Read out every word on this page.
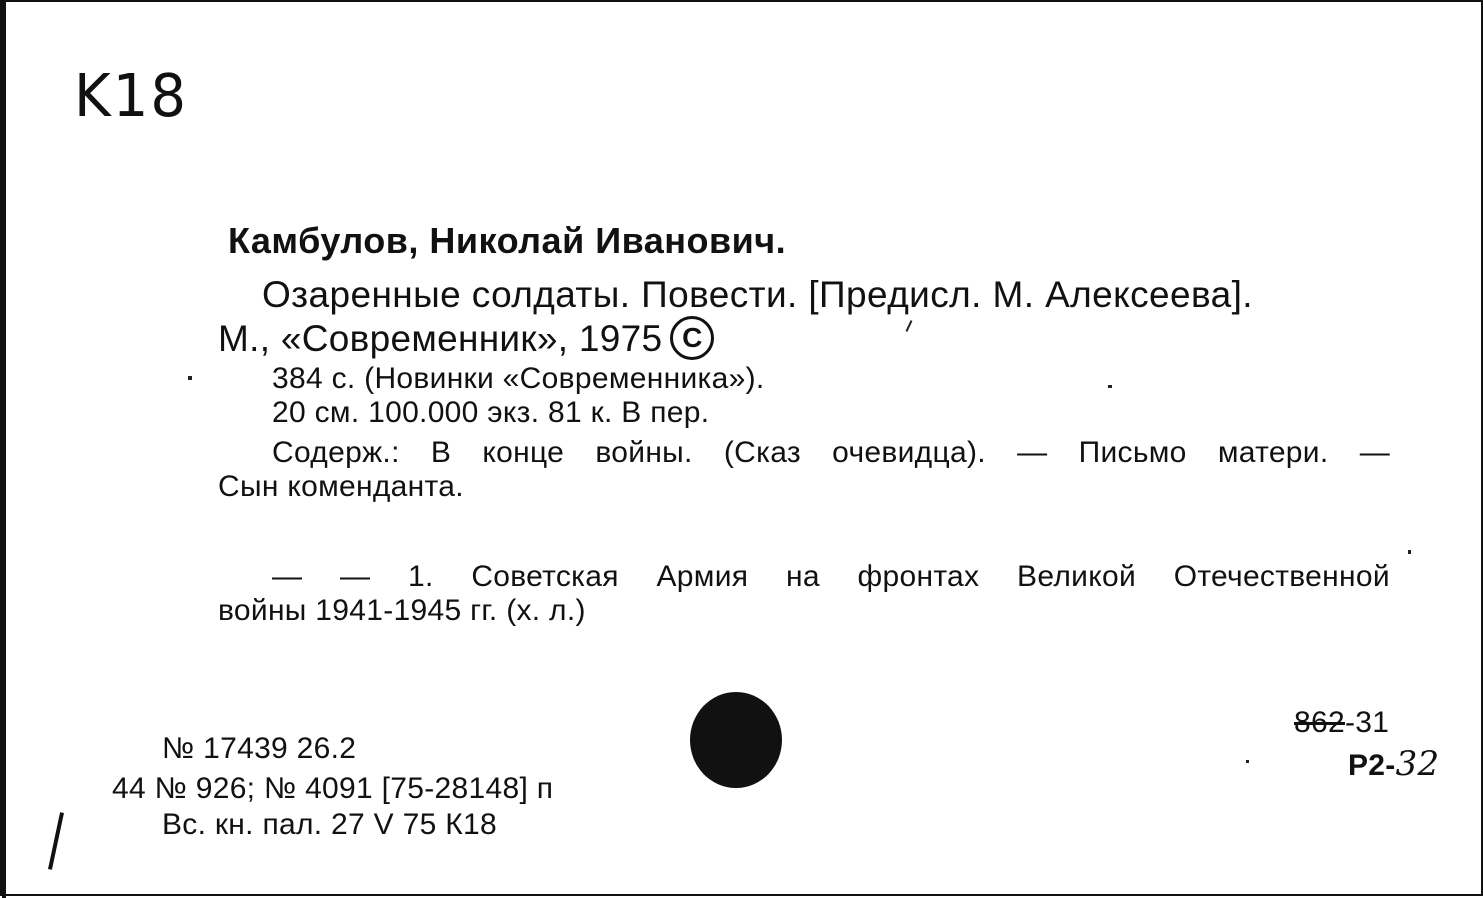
K18
Камбулов, Николай Иванович.
Озаренные солдаты. Повести. [Предисл. М. Алексеева].
М., «Современник», 1975 C
384 с. (Новинки «Современника»).
20 см. 100.000 экз. 81 к. В пер.
Содерж.: В конце войны. (Сказ очевидца). — Письмо матери. —
Сын коменданта.
— — 1. Советская Армия на фронтах Великой Отечественной
войны 1941-1945 гг. (х. л.)
№ 17439 26.2
44 № 926; № 4091 [75-28148] п
Вс. кн. пал. 27 V 75 К18
862-31
Р2-32
